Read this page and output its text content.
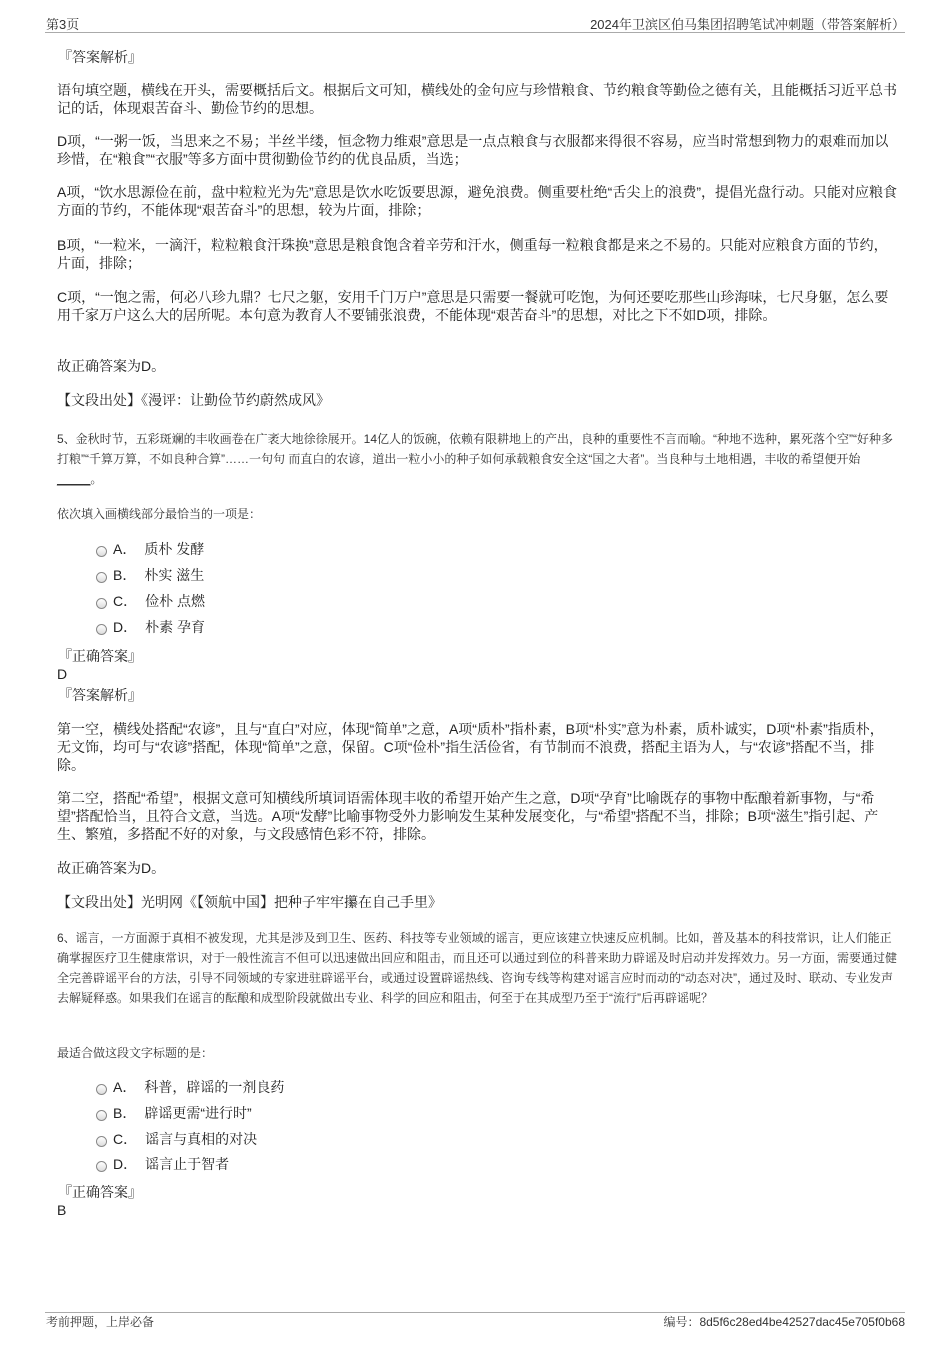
第3页	2024年卫滨区伯马集团招聘笔试冲刺题（带答案解析）
『答案解析』

语句填空题，横线在开头，需要概括后文。根据后文可知，横线处的金句应与珍惜粮食、节约粮食等勤俭之德有关，且能概括习近平总书记的话，体现艰苦奋斗、勤俭节约的思想。

D项，“一粥一饭，当思来之不易；半丝半缕，恒念物力维艰”意思是一点点粮食与衣服都来得很不容易，应当时常想到物力的艰难而加以珍惜，在“粮食”“衣服”等多方面中贯彻勤俭节约的优良品质，当选；

A项，“饮水思源俭在前，盘中粒粒光为先”意思是饮水吃饭要思源，避免浪费。侧重要杜绝“舌尖上的浪费”，提倡光盘行动。只能对应粮食方面的节约，不能体现“艰苦奋斗”的思想，较为片面，排除；

B项，“一粒米，一滴汗，粒粒粮食汗珠换”意思是粮食饱含着辛劳和汗水，侧重每一粒粮食都是来之不易的。只能对应粮食方面的节约，片面，排除；

C项，“一饱之需，何必八珍九鼎？七尺之躯，安用千门万户”意思是只需要一餐就可吃饱，为何还要吃那些山珍海味，七尺身躯，怎么要用千家万户这么大的居所呢。本句意为教育人不要铺张浪费，不能体现“艰苦奋斗”的思想，对比之下不如D项，排除。

故正确答案为D。

【文段出处】《漫评：让勤俭节约蔚然成风》

5、金秋时节，五彩斑斓的丰收画卷在广袤大地徐徐展开。14亿人的饭碗，依赖有限耕地上的产出，良种的重要性不言而喻。“种地不选种，累死落个空”“好种多打粮”“千算万算，不如良种合算”……一句句 而直白的农谚，道出一粒小小的种子如何承载粮食安全这“国之大者”。当良种与土地相遇，丰收的希望便开始_____。

依次填入画横线部分最恰当的一项是：

A． 质朴 发酵
B． 朴实 滋生
C． 俭朴 点燃
D． 朴素 孕育
『正确答案』
D
『答案解析』

第一空，横线处搭配“农谚”，且与“直白”对应，体现“简单”之意，A项“质朴”指朴素，B项“朴实”意为朴素，质朴诚实，D项“朴素”指质朴，无文饰，均可与“农谚”搭配，体现“简单”之意，保留。C项“俭朴”指生活俭省，有节制而不浪费，搭配主语为人，与“农谚”搭配不当，排除。

第二空，搭配“希望”，根据文意可知横线所填词语需体现丰收的希望开始产生之意，D项“孕育”比喻既存的事物中酝酿着新事物，与“希望”搭配恰当，且符合文意，当选。A项“发酵”比喻事物受外力影响发生某种发展变化，与“希望”搭配不当，排除；B项“滋生”指引起、产生、繁殖，多搭配不好的对象，与文段感情色彩不符，排除。

故正确答案为D。

【文段出处】光明网《【领航中国】把种子牢牢攥在自己手里》

6、谣言，一方面源于真相不被发现，尤其是涉及到卫生、医药、科技等专业领域的谣言，更应该建立快速反应机制。比如，普及基本的科技常识，让人们能正确掌握医疗卫生健康常识，对于一般性流言不但可以迅速做出回应和阻击，而且还可以通过到位的科普来助力辟谣及时启动并发挥效力。另一方面，需要通过健全完善辟谣平台的方法，引导不同领域的专家进驻辟谣平台，或通过设置辟谣热线、咨询专线等构建对谣言应时而动的“动态对决”，通过及时、联动、专业发声去解疑释惑。如果我们在谣言的酝酿和成型阶段就做出专业、科学的回应和阻击，何至于在其成型乃至于“流行”后再辟谣呢？

最适合做这段文字标题的是：

A． 科普，辟谣的一剂良药
B． 辟谣更需“进行时”
C． 谣言与真相的对决
D． 谣言止于智者
『正确答案』
B
考前押题，上岸必备	编号：8d5f6c28ed4be42527dac45e705f0b68
